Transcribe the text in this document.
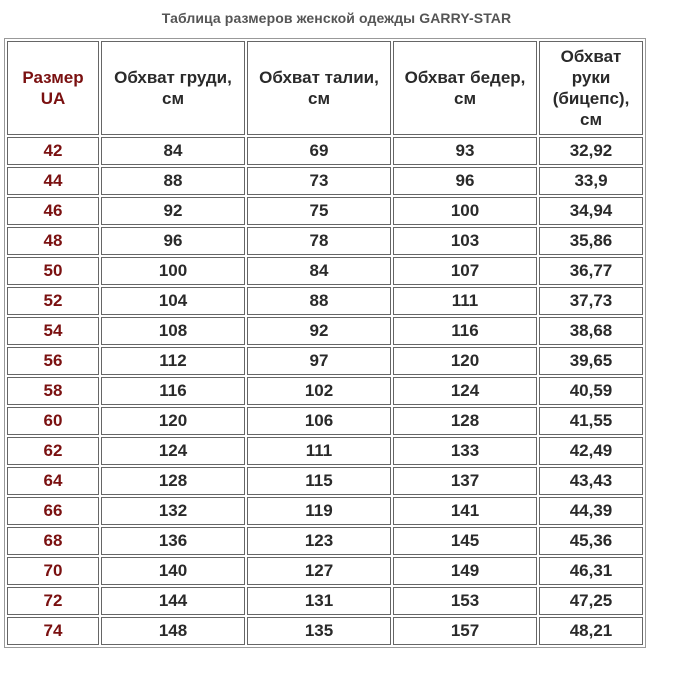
Таблица размеров женской одежды GARRY-STAR
Размер UA	Обхват груди, см	Обхват талии, см	Обхват бедер, см	Обхват руки (бицепс), см
42	84	69	93	32,92
44	88	73	96	33,9
46	92	75	100	34,94
48	96	78	103	35,86
50	100	84	107	36,77
52	104	88	111	37,73
54	108	92	116	38,68
56	112	97	120	39,65
58	116	102	124	40,59
60	120	106	128	41,55
62	124	111	133	42,49
64	128	115	137	43,43
66	132	119	141	44,39
68	136	123	145	45,36
70	140	127	149	46,31
72	144	131	153	47,25
74	148	135	157	48,21
